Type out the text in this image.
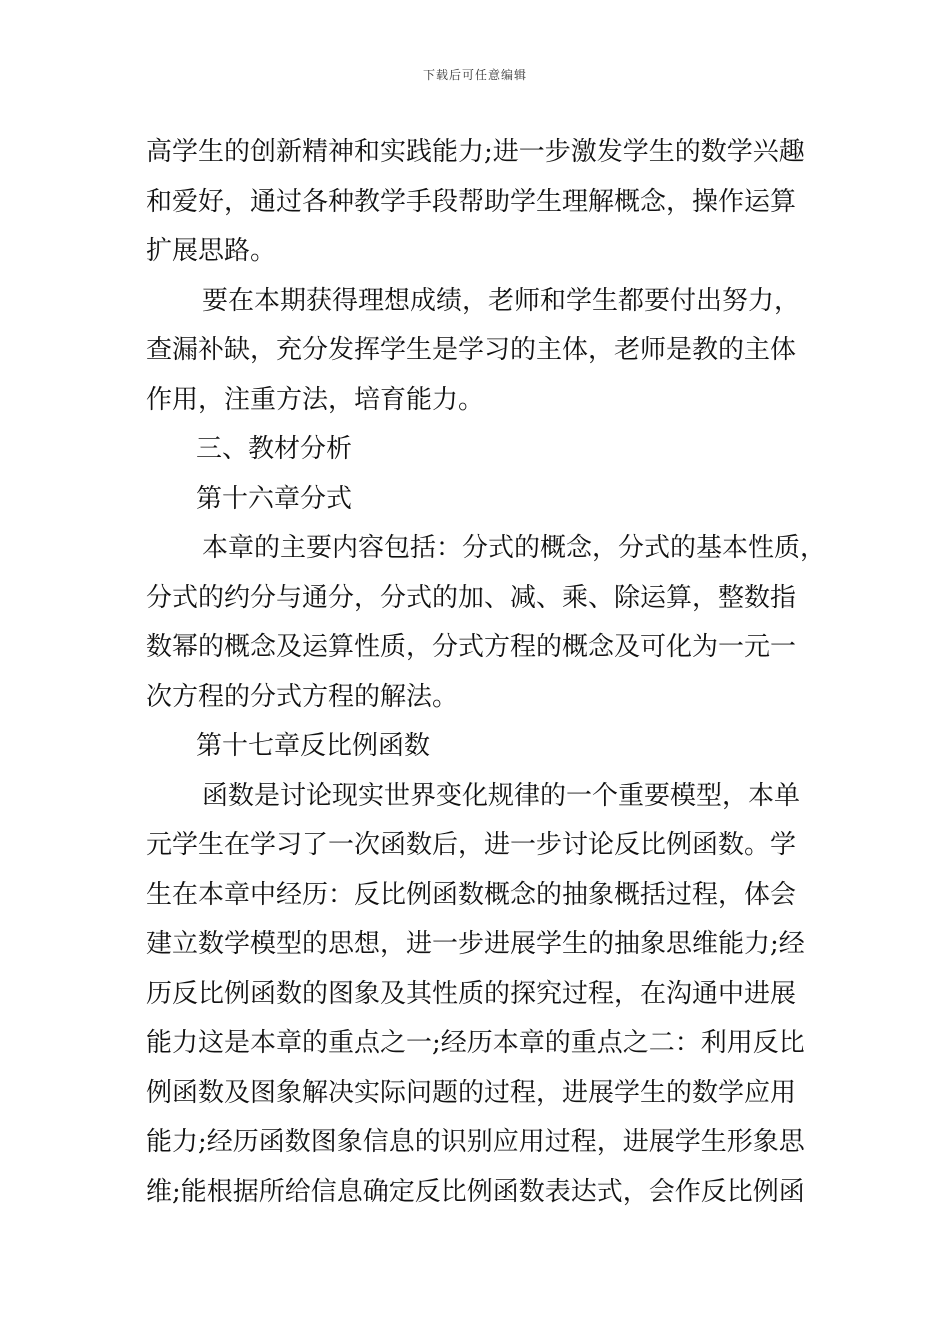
下载后可任意编辑
高学生的创新精神和实践能力;进一步激发学生的数学兴趣
和爱好，通过各种教学手段帮助学生理解概念，操作运算
扩展思路。
要在本期获得理想成绩，老师和学生都要付出努力，
查漏补缺，充分发挥学生是学习的主体，老师是教的主体
作用，注重方法，培育能力。
三、教材分析
第十六章分式
本章的主要内容包括：分式的概念，分式的基本性质，
分式的约分与通分，分式的加、减、乘、除运算，整数指
数幂的概念及运算性质，分式方程的概念及可化为一元一
次方程的分式方程的解法。
第十七章反比例函数
函数是讨论现实世界变化规律的一个重要模型，本单
元学生在学习了一次函数后，进一步讨论反比例函数。学
生在本章中经历：反比例函数概念的抽象概括过程，体会
建立数学模型的思想，进一步进展学生的抽象思维能力;经
历反比例函数的图象及其性质的探究过程，在沟通中进展
能力这是本章的重点之一;经历本章的重点之二：利用反比
例函数及图象解决实际问题的过程，进展学生的数学应用
能力;经历函数图象信息的识别应用过程，进展学生形象思
维;能根据所给信息确定反比例函数表达式，会作反比例函
